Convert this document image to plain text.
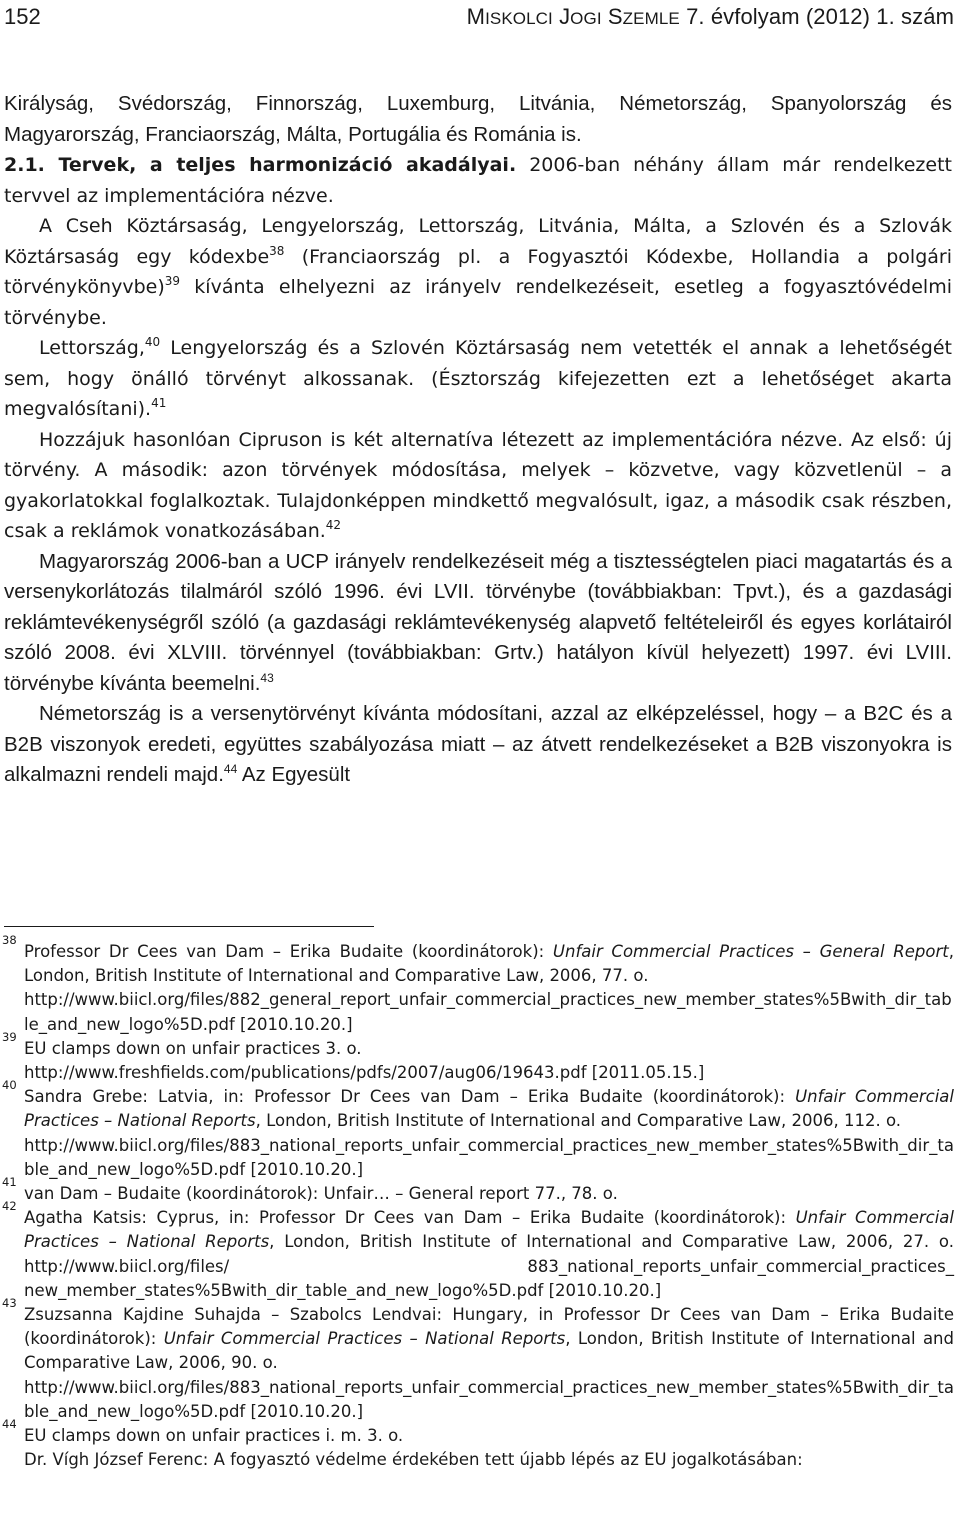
152	MISKOLCI JOGI SZEMLE 7. évfolyam (2012) 1. szám

Királyság, Svédország, Finnország, Luxemburg, Litvánia, Németország, Spanyolország és Magyarország, Franciaország, Málta, Portugália és Románia is.

2.1. Tervek, a teljes harmonizáció akadályai. 2006-ban néhány állam már rendelkezett tervvel az implementációra nézve.

A Cseh Köztársaság, Lengyelország, Lettország, Litvánia, Málta, a Szlovén és a Szlovák Köztársaság egy kódexbe$^{38}$ (Franciaország pl. a Fogyasztói Kódexbe, Hollandia a polgári törvénykönyvbe)$^{39}$ kívánta elhelyezni az irányelv rendelkezéseit, esetleg a fogyasztóvédelmi törvénybe.

Lettország,$^{40}$ Lengyelország és a Szlovén Köztársaság nem vetették el annak a lehetőségét sem, hogy önálló törvényt alkossanak. (Észtország kifejezetten ezt a lehetőséget akarta megvalósítani).$^{41}$

Hozzájuk hasonlóan Cipruson is két alternatíva létezett az implementációra nézve. Az első: új törvény. A második: azon törvények módosítása, melyek – közvetve, vagy közvetlenül – a gyakorlatokkal foglalkoztak. Tulajdonképpen mindkettő megvalósult, igaz, a második csak részben, csak a reklámok vonatkozásában.$^{42}$

Magyarország 2006-ban a UCP irányelv rendelkezéseit még a tisztességtelen piaci magatartás és a versenykorlátozás tilalmáról szóló 1996. évi LVII. törvénybe (továbbiakban: Tpvt.), és a gazdasági reklámtevékenységről szóló (a gazdasági reklámtevékenység alapvető feltételeiről és egyes korlátairól szóló 2008. évi XLVIII. törvénnyel (továbbiakban: Grtv.) hatályon kívül helyezett) 1997. évi LVIII. törvénybe kívánta beemelni.$^{43}$

Németország is a versenytörvényt kívánta módosítani, azzal az elképzeléssel, hogy – a B2C és a B2B viszonyok eredeti, együttes szabályozása miatt – az átvett rendelkezéseket a B2B viszonyokra is alkalmazni rendeli majd.$^{44}$ Az Egyesült

38
Professor Dr Cees van Dam – Erika Budaite (koordinátorok): Unfair Commercial Practices – General Report, London, British Institute of International and Comparative Law, 2006, 77. o.
http://www.biicl.org/files/882_general_report_unfair_commercial_practices_new_member_states%5Bwith_dir_table_and_new_logo%5D.pdf [2010.10.20.]
39
EU clamps down on unfair practices 3. o.
http://www.freshfields.com/publications/pdfs/2007/aug06/19643.pdf [2011.05.15.]
40
Sandra Grebe: Latvia, in: Professor Dr Cees van Dam – Erika Budaite (koordinátorok): Unfair Commercial Practices – National Reports, London, British Institute of International and Comparative Law, 2006, 112. o.
http://www.biicl.org/files/883_national_reports_unfair_commercial_practices_new_member_states%5Bwith_dir_table_and_new_logo%5D.pdf [2010.10.20.]
41
van Dam – Budaite (koordinátorok): Unfair… – General report 77., 78. o.
42
Agatha Katsis: Cyprus, in: Professor Dr Cees van Dam – Erika Budaite (koordinátorok): Unfair Commercial Practices – National Reports, London, British Institute of International and Comparative Law, 2006, 27. o. http://www.biicl.org/files/ 883_national_reports_unfair_commercial_practices_ new_member_states%5Bwith_dir_table_and_new_logo%5D.pdf [2010.10.20.]
43
Zsuzsanna Kajdine Suhajda – Szabolcs Lendvai: Hungary, in Professor Dr Cees van Dam – Erika Budaite (koordinátorok): Unfair Commercial Practices – National Reports, London, British Institute of International and Comparative Law, 2006, 90. o.
http://www.biicl.org/files/883_national_reports_unfair_commercial_practices_new_member_states%5Bwith_dir_table_and_new_logo%5D.pdf [2010.10.20.]
44
EU clamps down on unfair practices i. m. 3. o.
Dr. Vígh József Ferenc: A fogyasztó védelme érdekében tett újabb lépés az EU jogalkotásában:
